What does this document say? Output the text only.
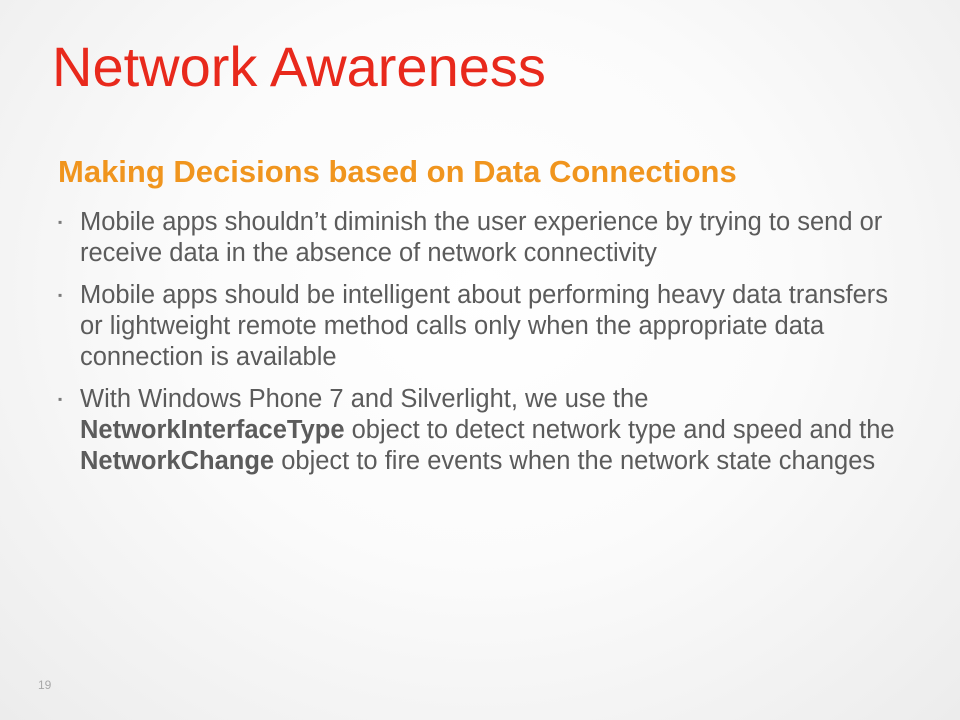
Network Awareness
Making Decisions based on Data Connections
▪ Mobile apps shouldn’t diminish the user experience by trying to send or receive data in the absence of network connectivity
▪ Mobile apps should be intelligent about performing heavy data transfers or lightweight remote method calls only when the appropriate data connection is available
▪ With Windows Phone 7 and Silverlight, we use the NetworkInterfaceType object to detect network type and speed and the NetworkChange object to fire events when the network state changes
19
